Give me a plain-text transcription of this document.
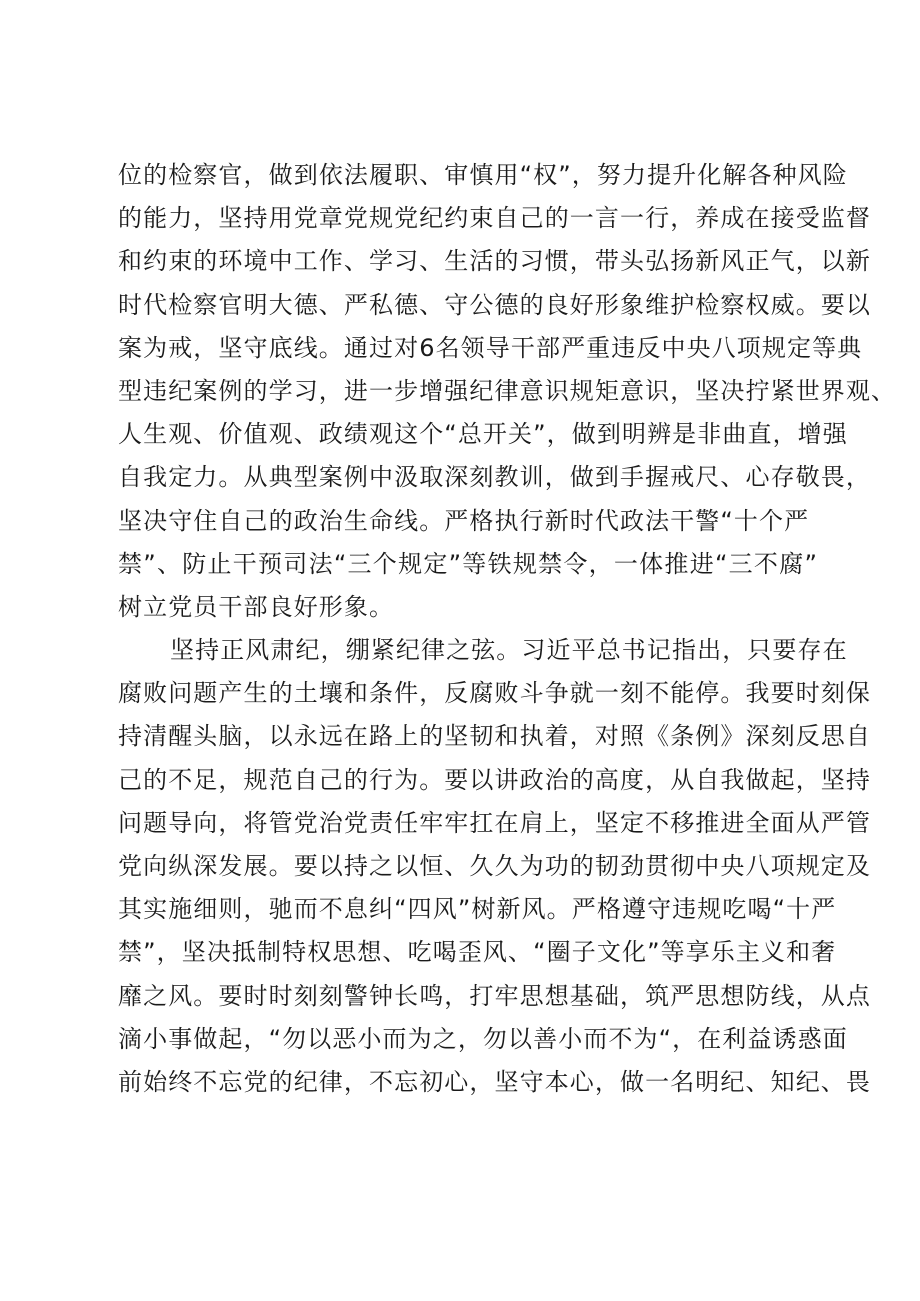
位的检察官，做到依法履职、审慎用“权”，努力提升化解各种风险
的能力，坚持用党章党规党纪约束自己的一言一行，养成在接受监督
和约束的环境中工作、学习、生活的习惯，带头弘扬新风正气，以新
时代检察官明大德、严私德、守公德的良好形象维护检察权威。要以
案为戒，坚守底线。通过对6名领导干部严重违反中央八项规定等典
型违纪案例的学习，进一步增强纪律意识规矩意识，坚决拧紧世界观、
人生观、价值观、政绩观这个“总开关”，做到明辨是非曲直，增强
自我定力。从典型案例中汲取深刻教训，做到手握戒尺、心存敬畏，
坚决守住自己的政治生命线。严格执行新时代政法干警“十个严
禁”、防止干预司法“三个规定”等铁规禁令，一体推进“三不腐”
树立党员干部良好形象。
坚持正风肃纪，绷紧纪律之弦。习近平总书记指出，只要存在
腐败问题产生的土壤和条件，反腐败斗争就一刻不能停。我要时刻保
持清醒头脑，以永远在路上的坚韧和执着，对照《条例》深刻反思自
己的不足，规范自己的行为。要以讲政治的高度，从自我做起，坚持
问题导向，将管党治党责任牢牢扛在肩上，坚定不移推进全面从严管
党向纵深发展。要以持之以恒、久久为功的韧劲贯彻中央八项规定及
其实施细则，驰而不息纠“四风”树新风。严格遵守违规吃喝“十严
禁”，坚决抵制特权思想、吃喝歪风、“圈子文化”等享乐主义和奢
靡之风。要时时刻刻警钟长鸣，打牢思想基础，筑严思想防线，从点
滴小事做起，“勿以恶小而为之，勿以善小而不为“，在利益诱惑面
前始终不忘党的纪律，不忘初心，坚守本心，做一名明纪、知纪、畏
